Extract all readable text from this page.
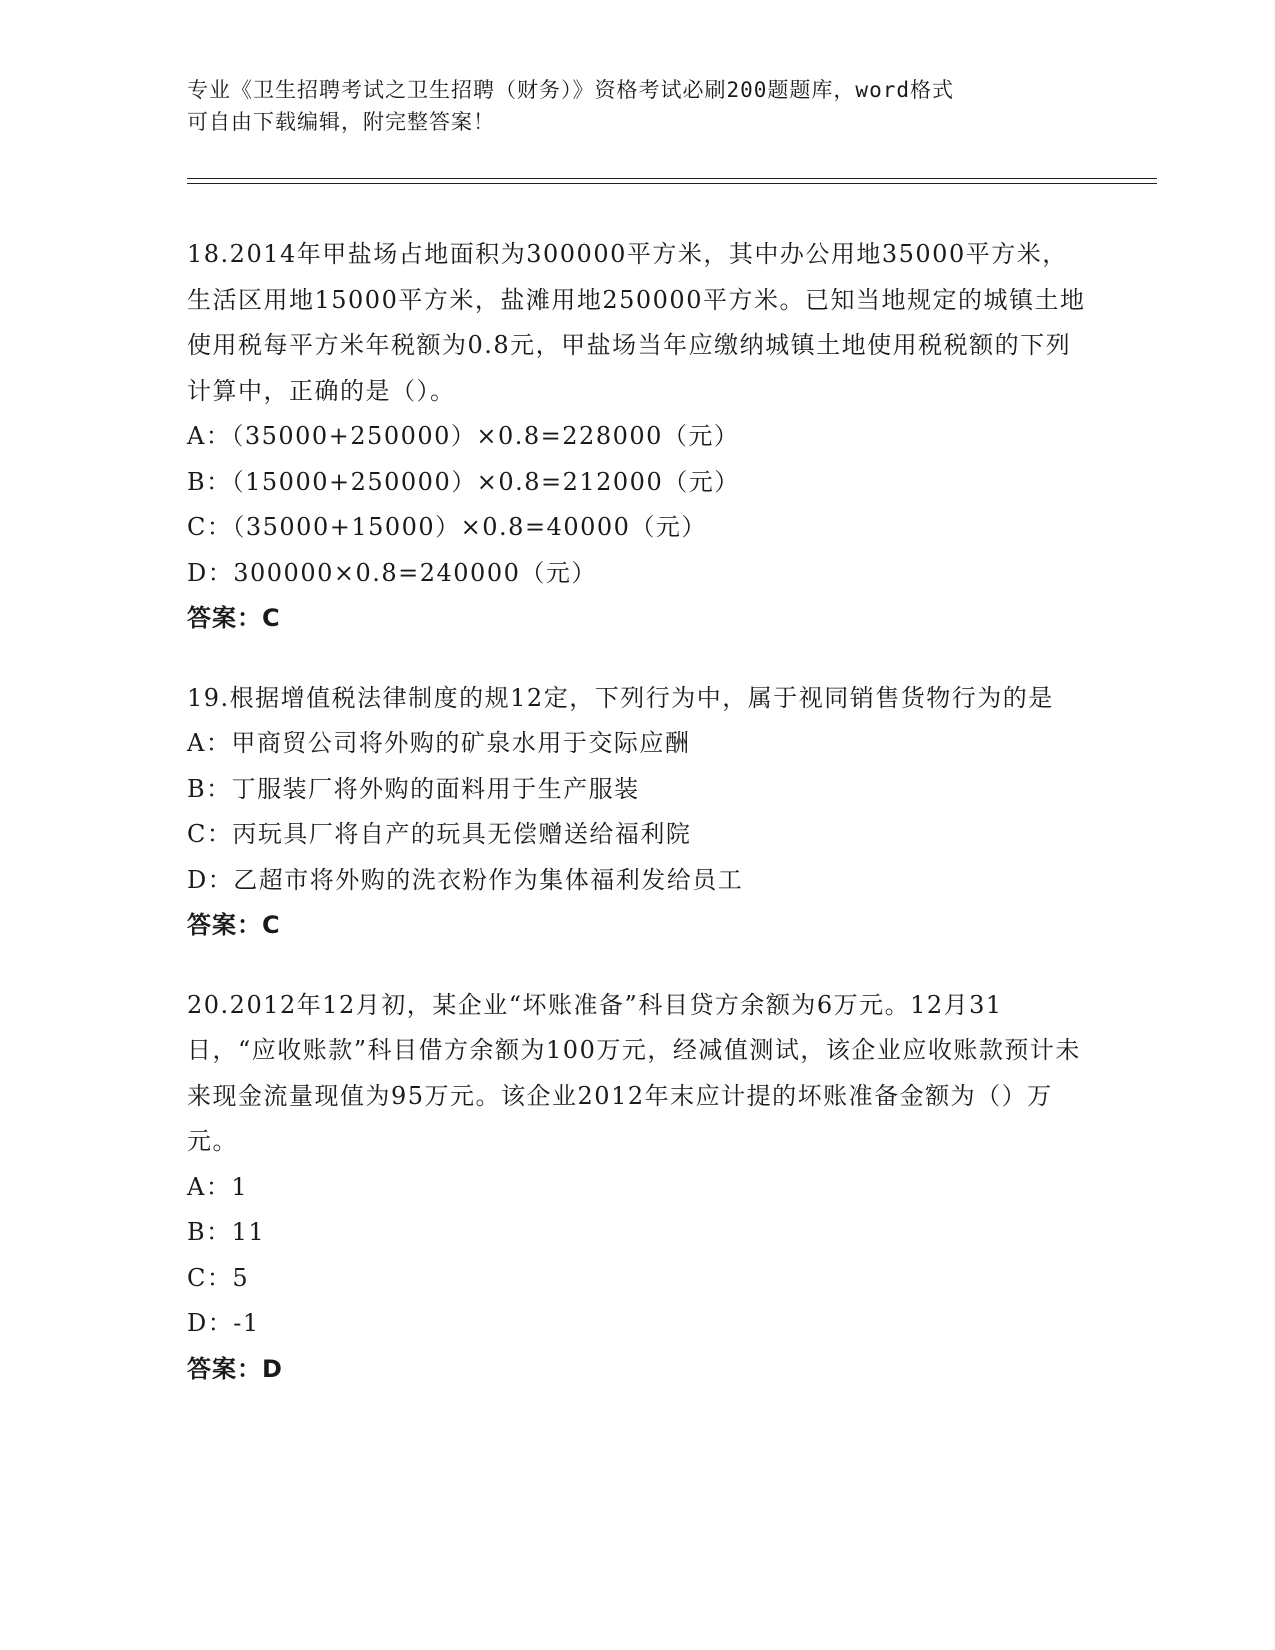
专业《卫生招聘考试之卫生招聘（财务）》资格考试必刷200题题库，word格式

可自由下载编辑，附完整答案！

18.2014年甲盐场占地面积为300000平方米，其中办公用地35000平方米，生活区用地15000平方米，盐滩用地250000平方米。已知当地规定的城镇土地使用税每平方米年税额为0.8元，甲盐场当年应缴纳城镇土地使用税税额的下列计算中，正确的是（）。

A：（35000+250000）×0.8=228000（元）

B：（15000+250000）×0.8=212000（元）

C：（35000+15000）×0.8=40000（元）

D：300000×0.8=240000（元）

答案：C

19.根据增值税法律制度的规12定，下列行为中，属于视同销售货物行为的是

A：甲商贸公司将外购的矿泉水用于交际应酬

B：丁服装厂将外购的面料用于生产服装

C：丙玩具厂将自产的玩具无偿赠送给福利院

D：乙超市将外购的洗衣粉作为集体福利发给员工

答案：C

20.2012年12月初，某企业“坏账准备”科目贷方余额为6万元。12月31日，“应收账款”科目借方余额为100万元，经减值测试，该企业应收账款预计未来现金流量现值为95万元。该企业2012年末应计提的坏账准备金额为（）万元。

A：1

B：11

C：5

D：-1

答案：D
